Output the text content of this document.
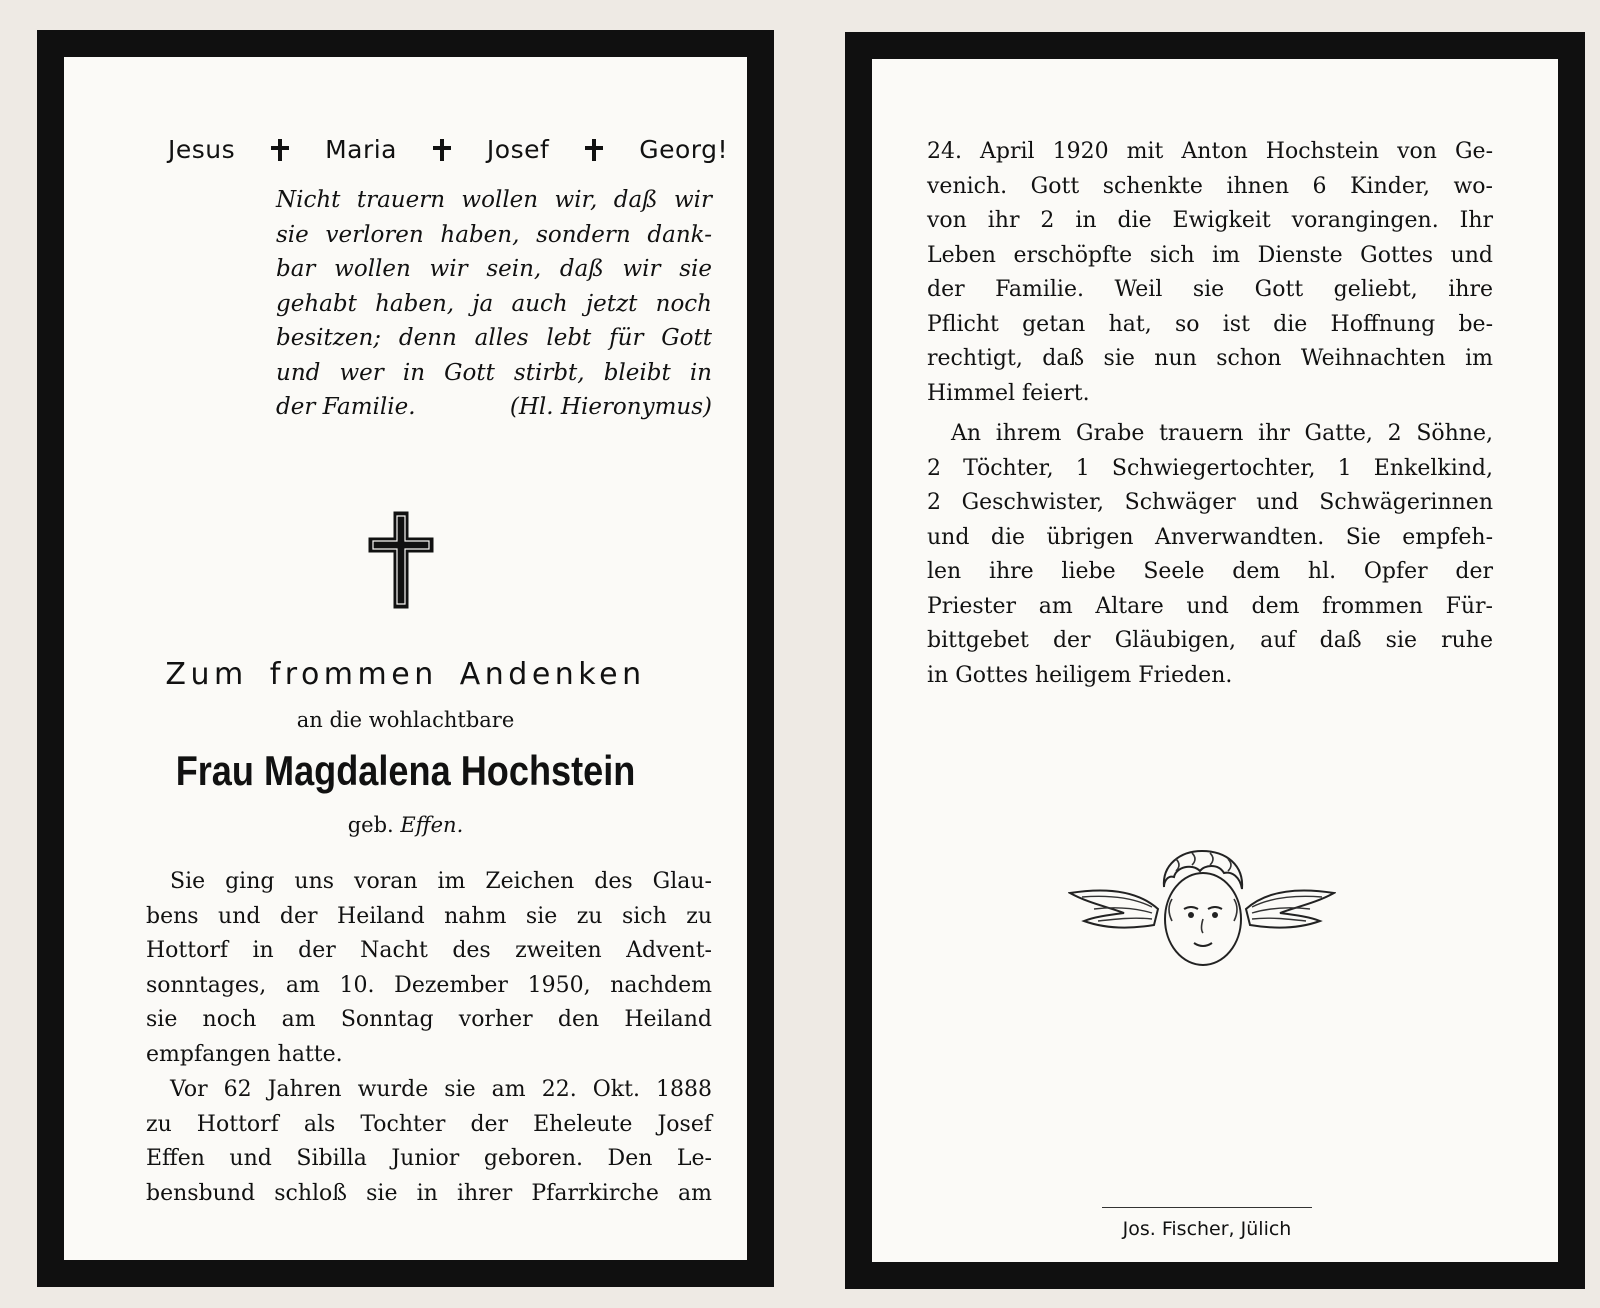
Jesus	Maria	Josef	Georg!
Nicht trauern wollen wir, daß wir
sie verloren haben, sondern dank-
bar wollen wir sein, daß wir sie
gehabt haben, ja auch jetzt noch
besitzen; denn alles lebt für Gott
und wer in Gott stirbt, bleibt in
der Familie.	(Hl. Hieronymus)
Zum frommen Andenken
an die wohlachtbare
Frau Magdalena Hochstein
geb. Effen.
Sie ging uns voran im Zeichen des Glau-
bens und der Heiland nahm sie zu sich zu
Hottorf in der Nacht des zweiten Advent-
sonntages, am 10. Dezember 1950, nachdem
sie noch am Sonntag vorher den Heiland
empfangen hatte.
Vor 62 Jahren wurde sie am 22. Okt. 1888
zu Hottorf als Tochter der Eheleute Josef
Effen und Sibilla Junior geboren. Den Le-
bensbund schloß sie in ihrer Pfarrkirche am
24. April 1920 mit Anton Hochstein von Ge-
venich. Gott schenkte ihnen 6 Kinder, wo-
von ihr 2 in die Ewigkeit vorangingen. Ihr
Leben erschöpfte sich im Dienste Gottes und
der Familie. Weil sie Gott geliebt, ihre
Pflicht getan hat, so ist die Hoffnung be-
rechtigt, daß sie nun schon Weihnachten im
Himmel feiert.
An ihrem Grabe trauern ihr Gatte, 2 Söhne,
2 Töchter, 1 Schwiegertochter, 1 Enkelkind,
2 Geschwister, Schwäger und Schwägerinnen
und die übrigen Anverwandten. Sie empfeh-
len ihre liebe Seele dem hl. Opfer der
Priester am Altare und dem frommen Für-
bittgebet der Gläubigen, auf daß sie ruhe
in Gottes heiligem Frieden.
Jos. Fischer, Jülich
